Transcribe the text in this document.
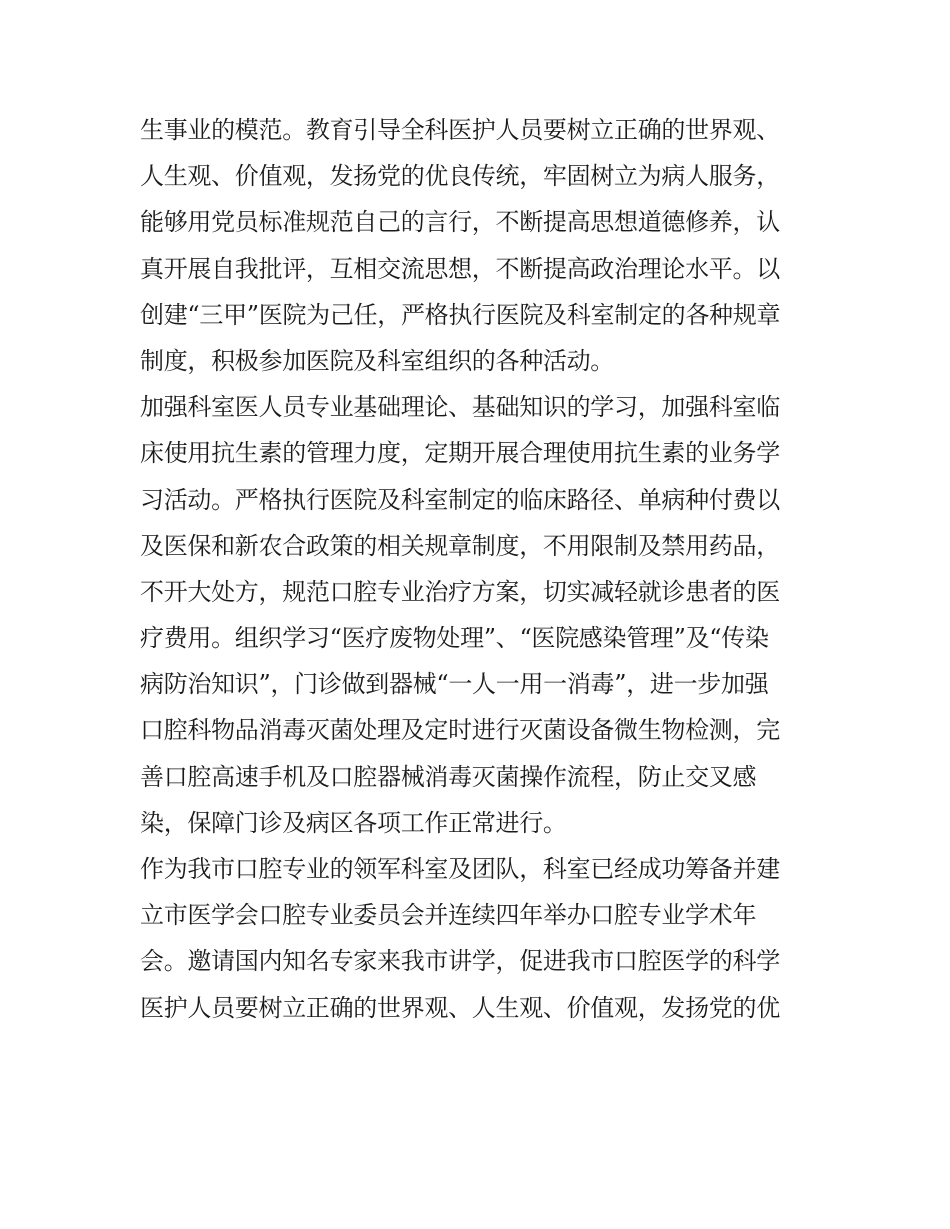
生事业的模范。教育引导全科医护人员要树立正确的世界观、
人生观、价值观，发扬党的优良传统，牢固树立为病人服务，
能够用党员标准规范自己的言行，不断提高思想道德修养，认
真开展自我批评，互相交流思想，不断提高政治理论水平。以
创建“三甲”医院为己任，严格执行医院及科室制定的各种规章
制度，积极参加医院及科室组织的各种活动。
加强科室医人员专业基础理论、基础知识的学习，加强科室临
床使用抗生素的管理力度，定期开展合理使用抗生素的业务学
习活动。严格执行医院及科室制定的临床路径、单病种付费以
及医保和新农合政策的相关规章制度，不用限制及禁用药品，
不开大处方，规范口腔专业治疗方案，切实减轻就诊患者的医
疗费用。组织学习“医疗废物处理”、“医院感染管理”及“传染
病防治知识”，门诊做到器械“一人一用一消毒”，进一步加强
口腔科物品消毒灭菌处理及定时进行灭菌设备微生物检测，完
善口腔高速手机及口腔器械消毒灭菌操作流程，防止交叉感
染，保障门诊及病区各项工作正常进行。
作为我市口腔专业的领军科室及团队，科室已经成功筹备并建
立市医学会口腔专业委员会并连续四年举办口腔专业学术年
会。邀请国内知名专家来我市讲学，促进我市口腔医学的科学
医护人员要树立正确的世界观、人生观、价值观，发扬党的优
